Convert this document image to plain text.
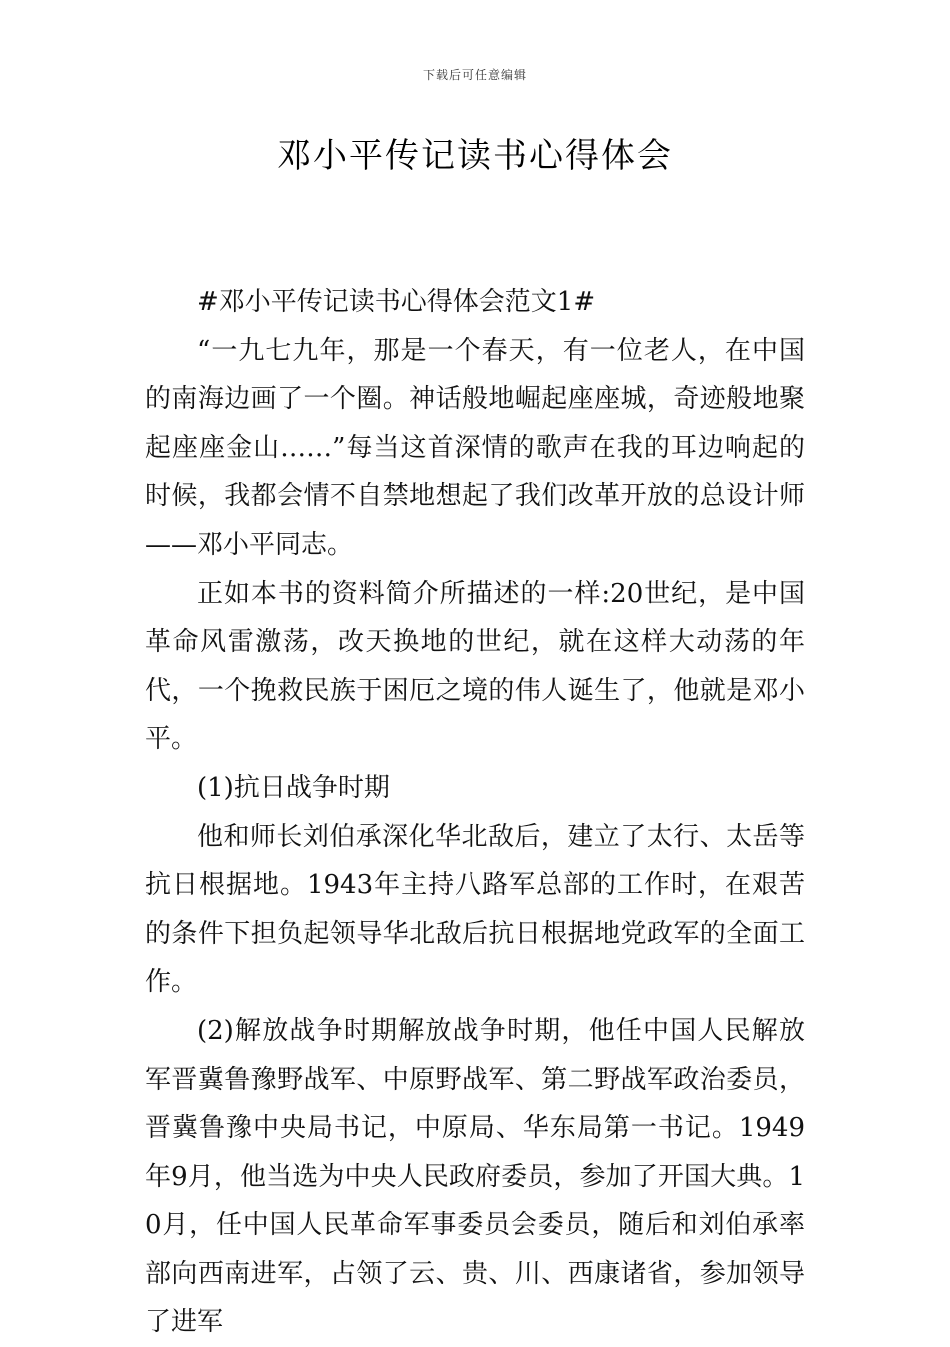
下载后可任意编辑
邓小平传记读书心得体会

#邓小平传记读书心得体会范文1#

“一九七九年，那是一个春天，有一位老人，在中国的南海边画了一个圈。神话般地崛起座座城，奇迹般地聚起座座金山……”每当这首深情的歌声在我的耳边响起的时候，我都会情不自禁地想起了我们改革开放的总设计师——邓小平同志。

正如本书的资料简介所描述的一样:20世纪，是中国革命风雷激荡，改天换地的世纪，就在这样大动荡的年代，一个挽救民族于困厄之境的伟人诞生了，他就是邓小平。

(1)抗日战争时期

他和师长刘伯承深化华北敌后，建立了太行、太岳等抗日根据地。1943年主持八路军总部的工作时，在艰苦的条件下担负起领导华北敌后抗日根据地党政军的全面工作。

(2)解放战争时期解放战争时期，他任中国人民解放军晋冀鲁豫野战军、中原野战军、第二野战军政治委员，晋冀鲁豫中央局书记，中原局、华东局第一书记。1949年9月，他当选为中央人民政府委员，参加了开国大典。10月，任中国人民革命军事委员会委员，随后和刘伯承率部向西南进军，占领了云、贵、川、西康诸省，参加领导了进军
